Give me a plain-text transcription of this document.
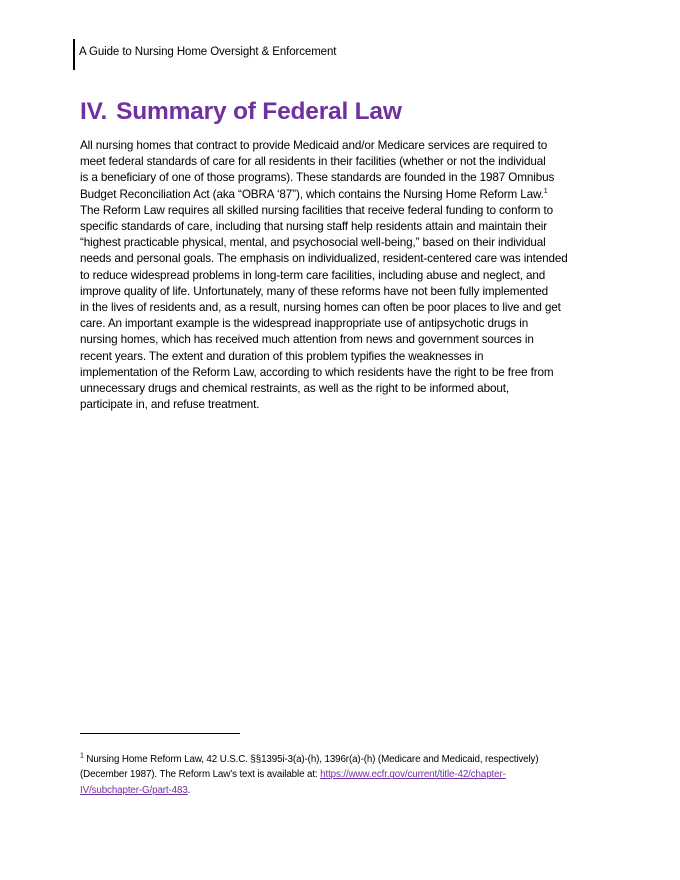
A Guide to Nursing Home Oversight & Enforcement
IV. Summary of Federal Law
All nursing homes that contract to provide Medicaid and/or Medicare services are required to
meet federal standards of care for all residents in their facilities (whether or not the individual
is a beneficiary of one of those programs). These standards are founded in the 1987 Omnibus
Budget Reconciliation Act (aka “OBRA ‘87”), which contains the Nursing Home Reform Law.$^1$
The Reform Law requires all skilled nursing facilities that receive federal funding to conform to
specific standards of care, including that nursing staff help residents attain and maintain their
“highest practicable physical, mental, and psychosocial well-being,” based on their individual
needs and personal goals. The emphasis on individualized, resident-centered care was intended
to reduce widespread problems in long-term care facilities, including abuse and neglect, and
improve quality of life. Unfortunately, many of these reforms have not been fully implemented
in the lives of residents and, as a result, nursing homes can often be poor places to live and get
care. An important example is the widespread inappropriate use of antipsychotic drugs in
nursing homes, which has received much attention from news and government sources in
recent years. The extent and duration of this problem typifies the weaknesses in
implementation of the Reform Law, according to which residents have the right to be free from
unnecessary drugs and chemical restraints, as well as the right to be informed about,
participate in, and refuse treatment.
$^1$ Nursing Home Reform Law, 42 U.S.C. §§1395i-3(a)-(h), 1396r(a)-(h) (Medicare and Medicaid, respectively)
(December 1987). The Reform Law’s text is available at: https://www.ecfr.gov/current/title-42/chapter-
IV/subchapter-G/part-483.
